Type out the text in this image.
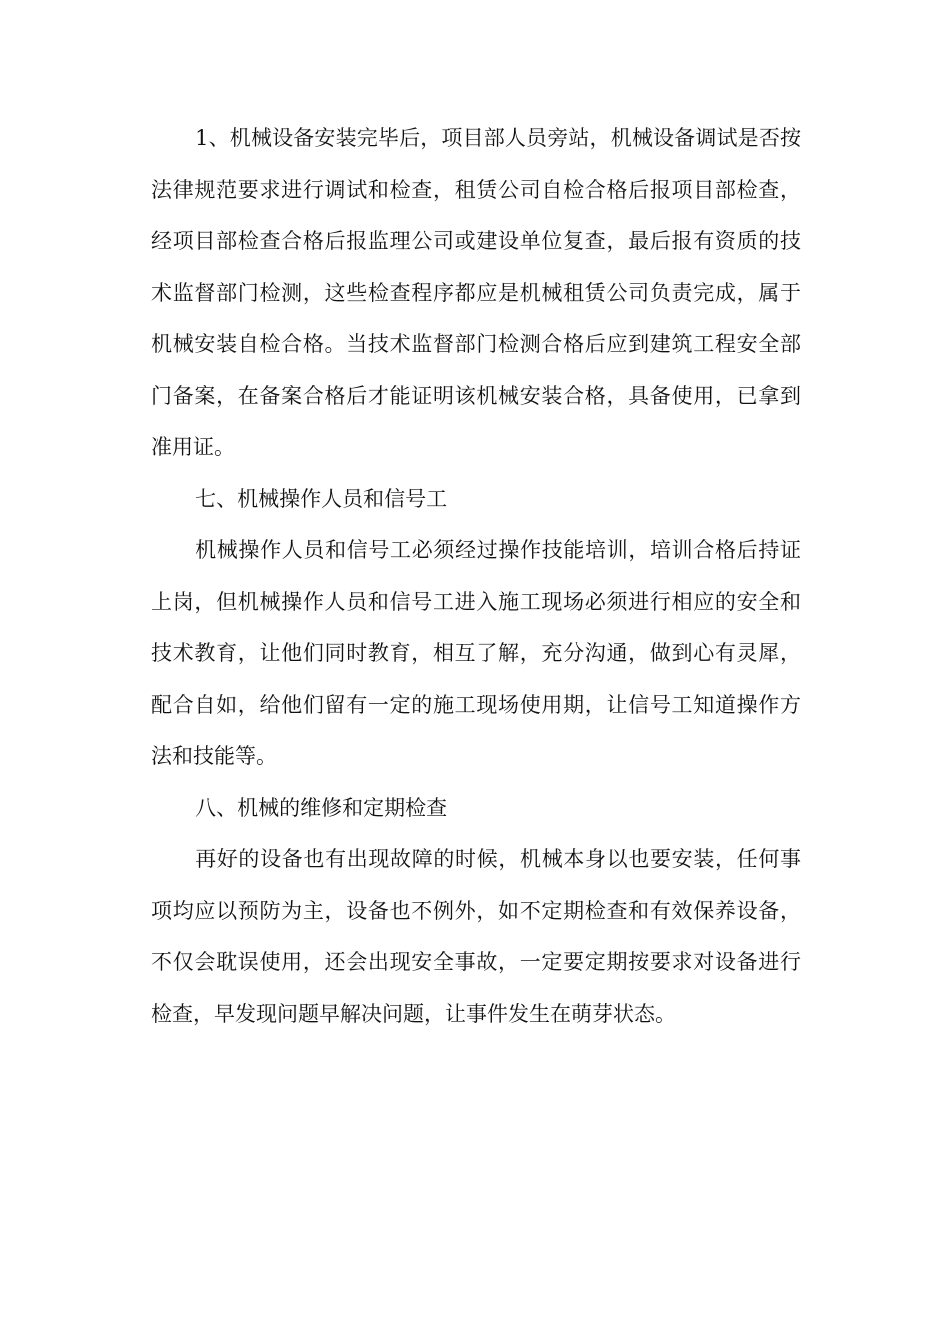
1、机械设备安装完毕后，项目部人员旁站，机械设备调试是否按法律规范要求进行调试和检查，租赁公司自检合格后报项目部检查，经项目部检查合格后报监理公司或建设单位复查，最后报有资质的技术监督部门检测，这些检查程序都应是机械租赁公司负责完成，属于机械安装自检合格。当技术监督部门检测合格后应到建筑工程安全部门备案，在备案合格后才能证明该机械安装合格，具备使用，已拿到准用证。

七、机械操作人员和信号工

机械操作人员和信号工必须经过操作技能培训，培训合格后持证上岗，但机械操作人员和信号工进入施工现场必须进行相应的安全和技术教育，让他们同时教育，相互了解，充分沟通，做到心有灵犀，配合自如，给他们留有一定的施工现场使用期，让信号工知道操作方法和技能等。

八、机械的维修和定期检查

再好的设备也有出现故障的时候，机械本身以也要安装，任何事项均应以预防为主，设备也不例外，如不定期检查和有效保养设备，不仅会耽误使用，还会出现安全事故，一定要定期按要求对设备进行检查，早发现问题早解决问题，让事件发生在萌芽状态。
